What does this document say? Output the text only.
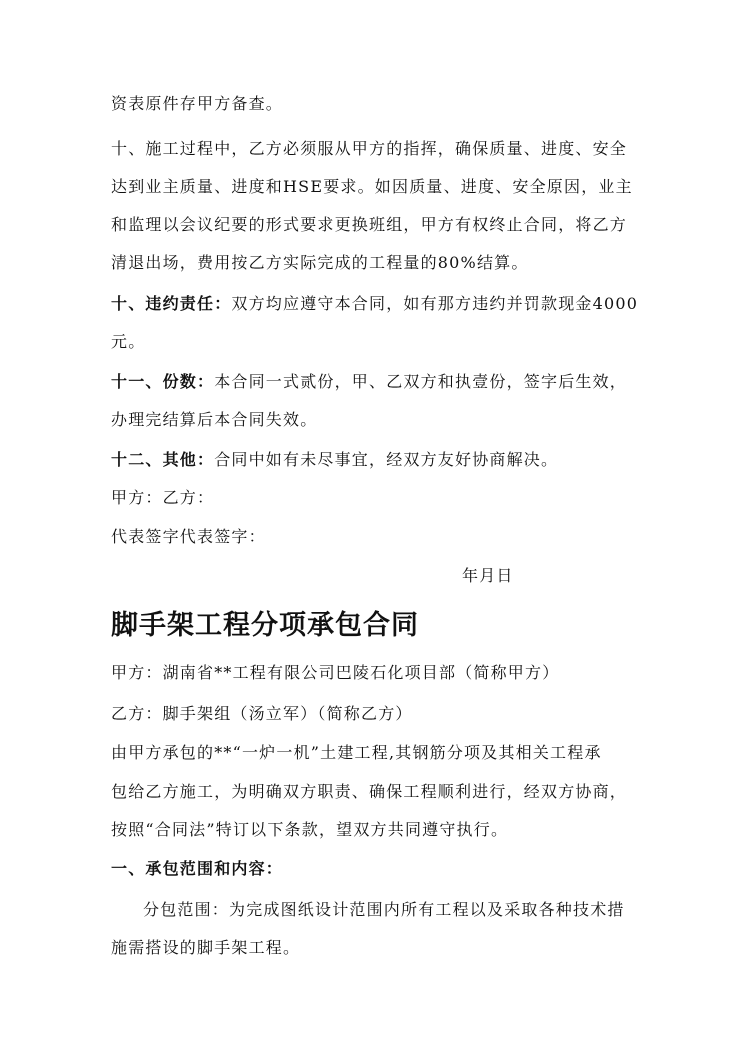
资表原件存甲方备查。
十、施工过程中，乙方必须服从甲方的指挥，确保质量、进度、安全
达到业主质量、进度和HSE要求。如因质量、进度、安全原因，业主
和监理以会议纪要的形式要求更换班组，甲方有权终止合同，将乙方
清退出场，费用按乙方实际完成的工程量的80%结算。
十、违约责任：双方均应遵守本合同，如有那方违约并罚款现金4000
元。
十一、份数：本合同一式贰份，甲、乙双方和执壹份，签字后生效，
办理完结算后本合同失效。
十二、其他：合同中如有未尽事宜，经双方友好协商解决。
甲方：乙方：
代表签字代表签字：
年月日
脚手架工程分项承包合同
甲方：湖南省**工程有限公司巴陵石化项目部（简称甲方）
乙方：脚手架组（汤立军）（简称乙方）
由甲方承包的**“一炉一机”土建工程,其钢筋分项及其相关工程承
包给乙方施工，为明确双方职责、确保工程顺利进行，经双方协商，
按照“合同法”特订以下条款，望双方共同遵守执行。
一、承包范围和内容：
分包范围：为完成图纸设计范围内所有工程以及采取各种技术措
施需搭设的脚手架工程。
